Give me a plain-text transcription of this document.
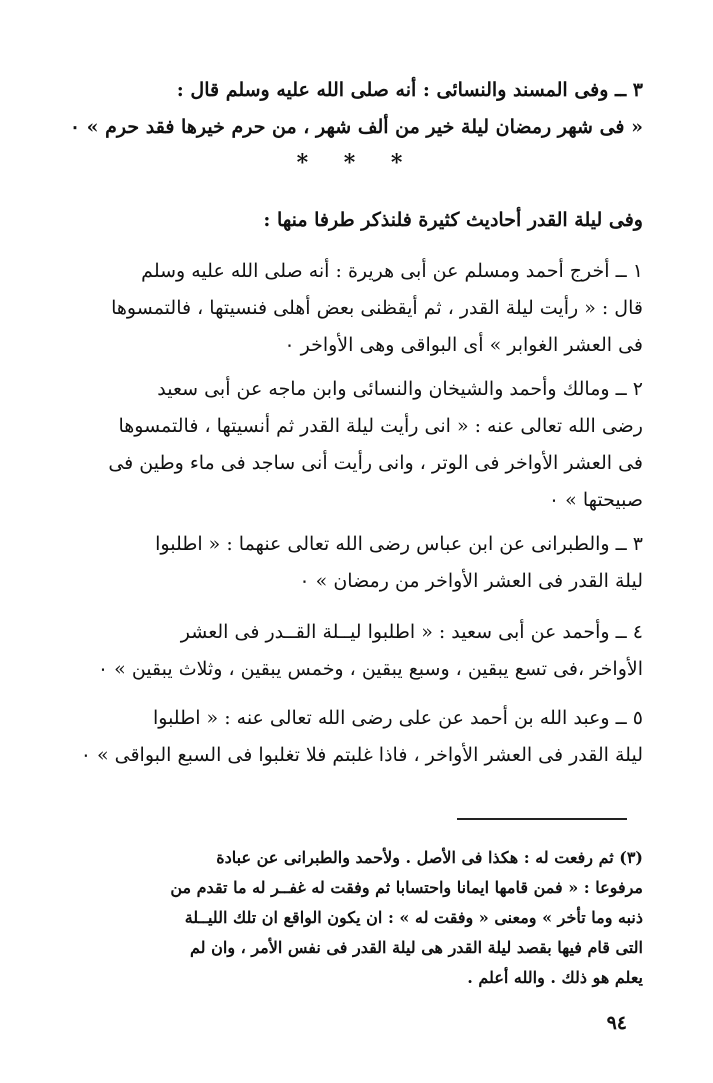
٣ ــ وفى المسند والنسائى : أنه صلى الله عليه وسلم قال :
« فى شهر رمضان ليلة خير من ألف شهر ، من حرم خيرها فقد حرم » ٠
* * *
وفى ليلة القدر أحاديث كثيرة فلنذكر طرفا منها :
١ ــ أخرج أحمد ومسلم عن أبى هريرة : أنه صلى الله عليه وسلم
قال : « رأيت ليلة القدر ، ثم أيقظنى بعض أهلى فنسيتها ، فالتمسوها
فى العشر الغوابر » أى البواقى وهى الأواخر ٠
٢ ــ ومالك وأحمد والشيخان والنسائى وابن ماجه عن أبى سعيد
رضى الله تعالى عنه : « انى رأيت ليلة القدر ثم أنسيتها ، فالتمسوها
فى العشر الأواخر فى الوتر ، وانى رأيت أنى ساجد فى ماء وطين فى
صبيحتها » ٠
٣ ــ والطبرانى عن ابن عباس رضى الله تعالى عنهما : « اطلبوا
ليلة القدر فى العشر الأواخر من رمضان » ٠
٤ ــ وأحمد عن أبى سعيد : « اطلبوا ليــلة القــدر فى العشر
الأواخر ،فى تسع يبقين ، وسبع يبقين ، وخمس يبقين ، وثلاث يبقين » ٠
٥ ــ وعبد الله بن أحمد عن على رضى الله تعالى عنه : « اطلبوا
ليلة القدر فى العشر الأواخر ، فاذا غلبتم فلا تغلبوا فى السبع البواقى » ٠
(٣) ثم رفعت له : هكذا فى الأصل . ولأحمد والطبرانى عن عبادة
مرفوعا : « فمن قامها ايمانا واحتسابا ثم وفقت له غفــر له ما تقدم من
ذنبه وما تأخر » ومعنى « وفقت له » : ان يكون الواقع ان تلك الليــلة
التى قام فيها بقصد ليلة القدر هى ليلة القدر فى نفس الأمر ، وان لم
يعلم هو ذلك . والله أعلم .
٩٤
